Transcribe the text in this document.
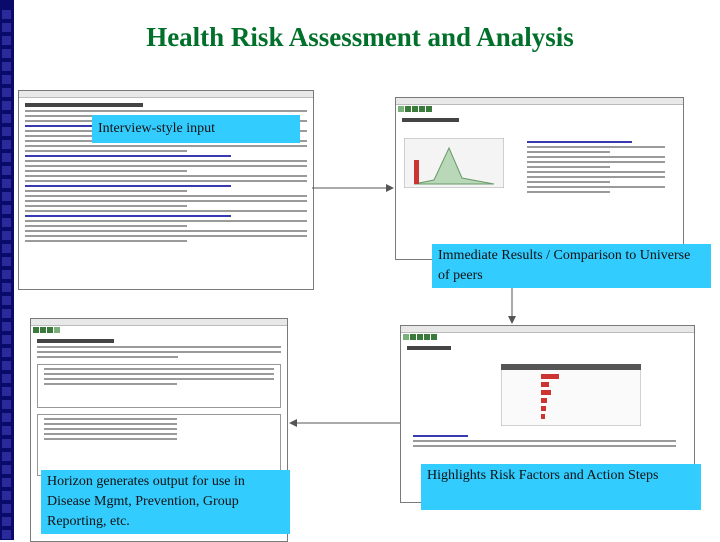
Health Risk Assessment and Analysis
Interview-style input
Immediate Results / Comparison to Universe of peers
Horizon generates output for use in Disease Mgmt, Prevention, Group Reporting, etc.
Highlights Risk Factors and Action Steps
